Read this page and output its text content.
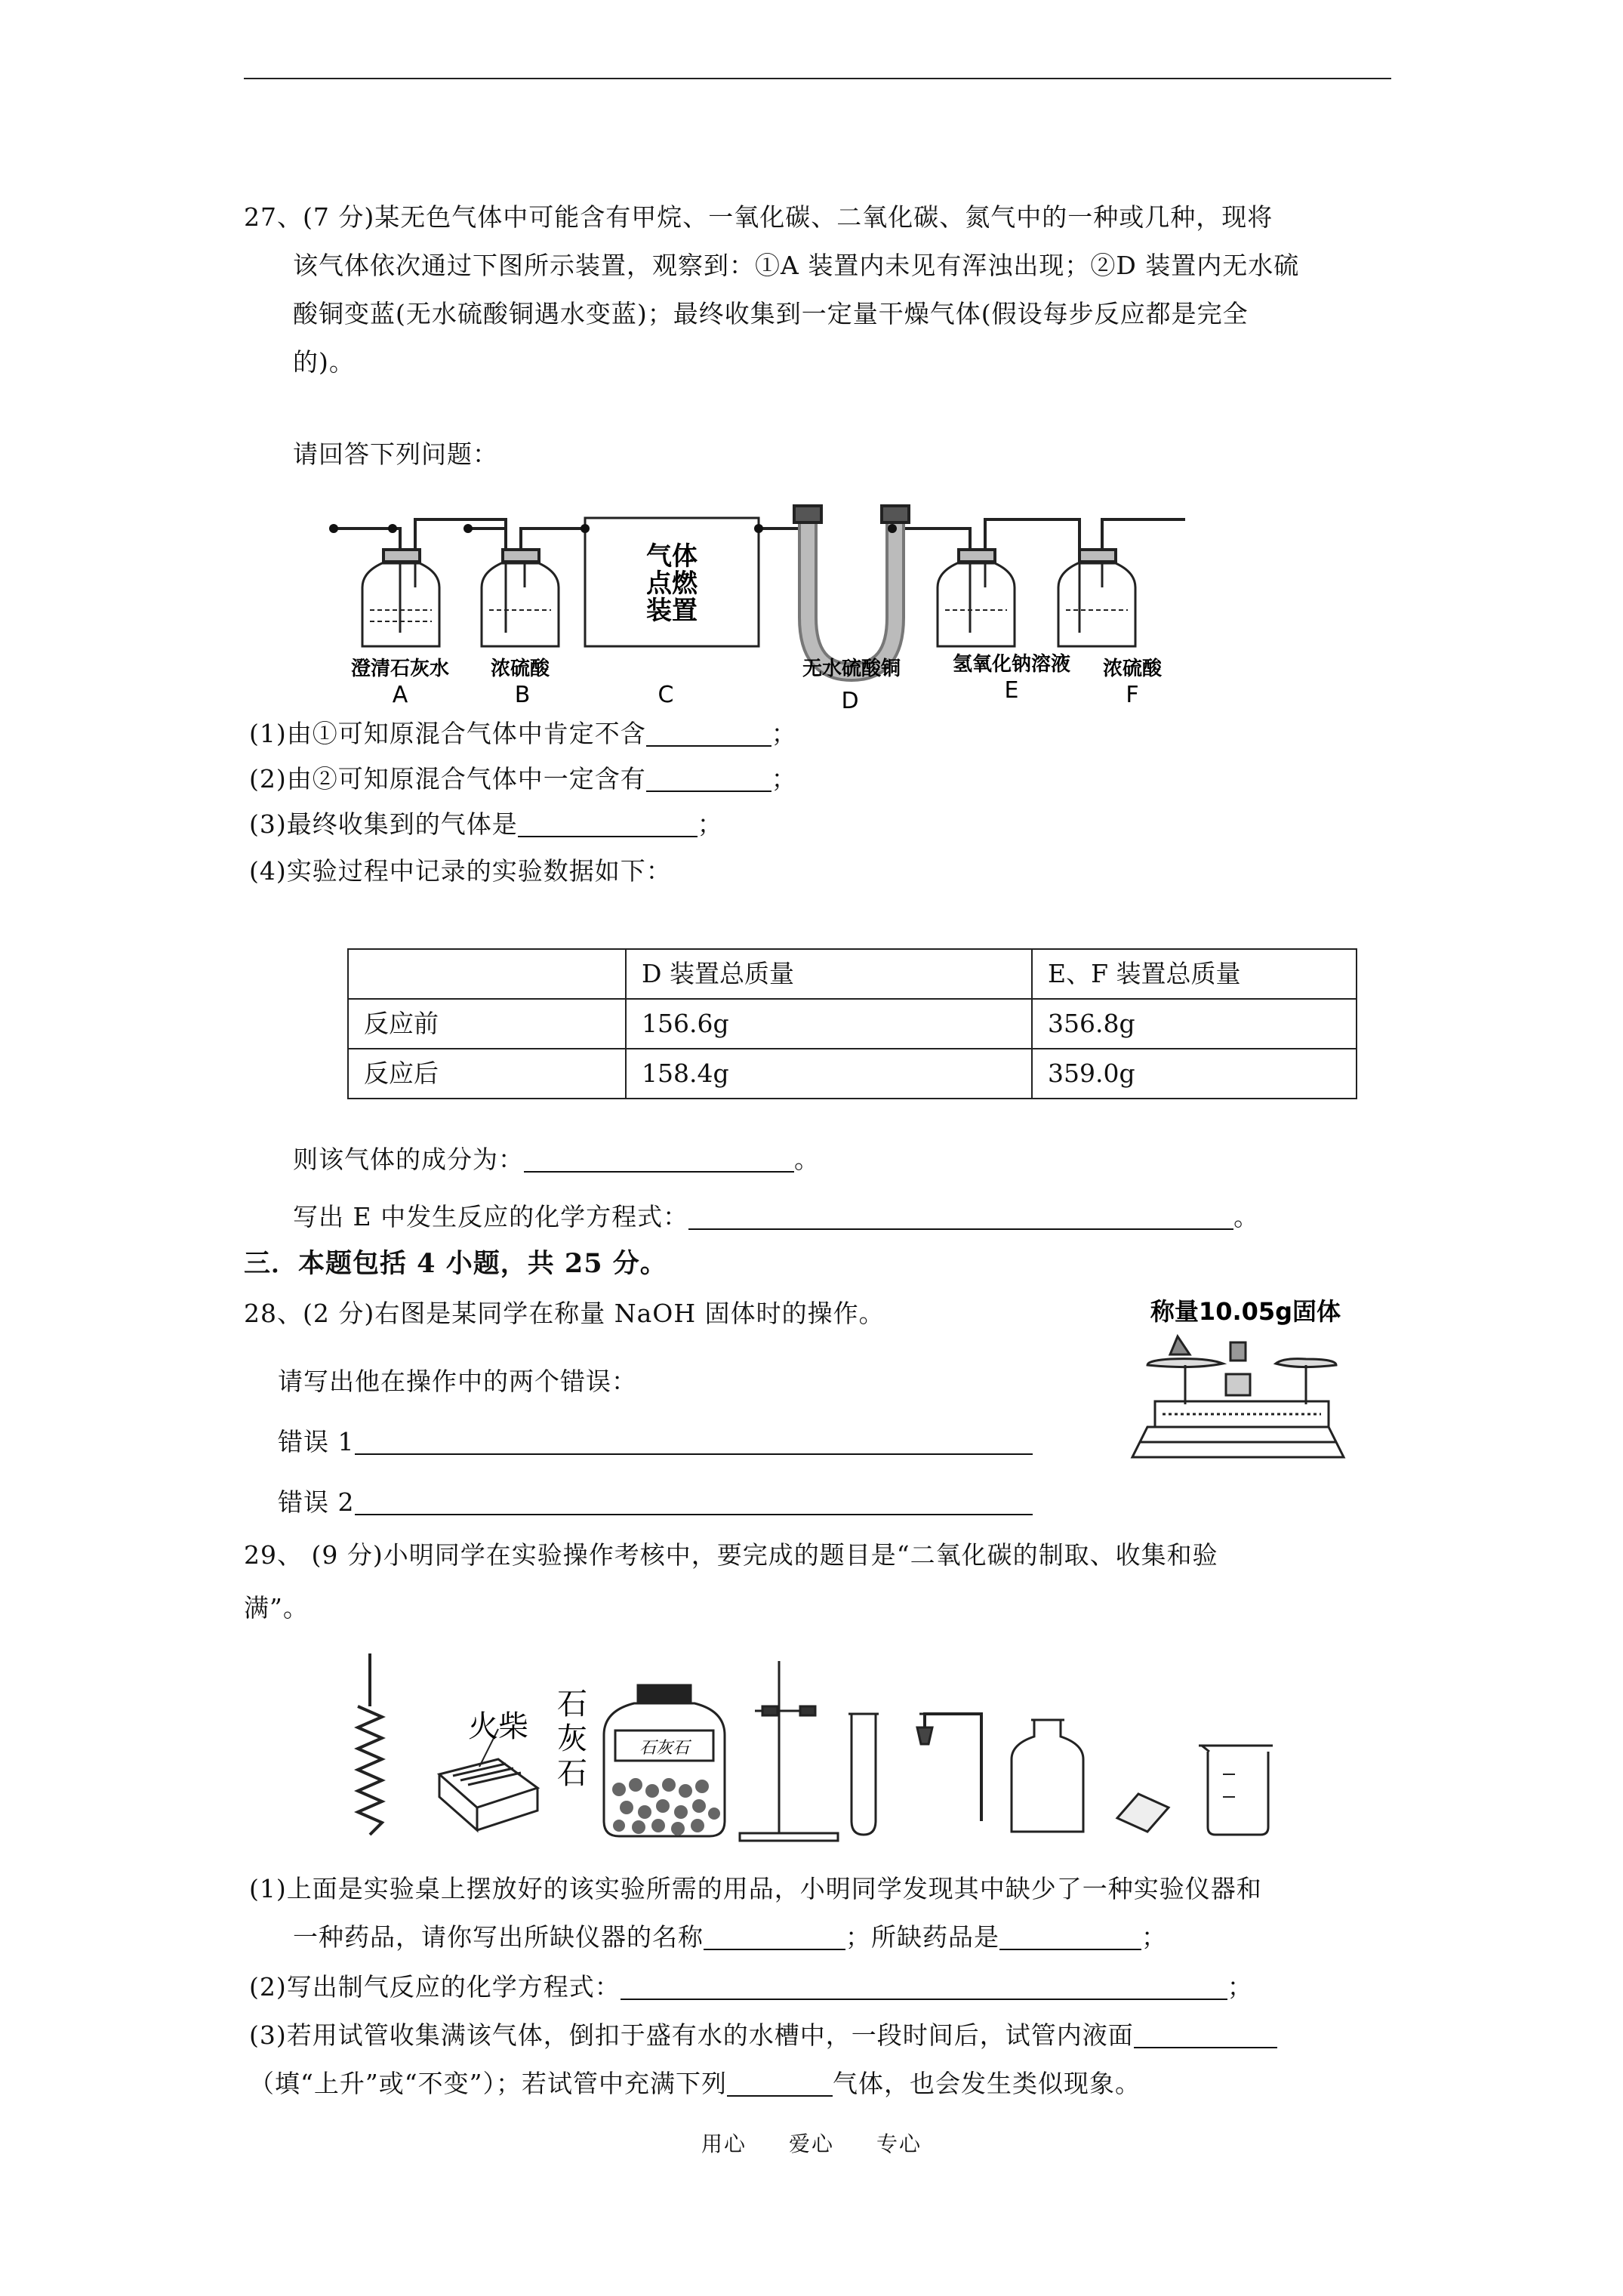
27、(7 分)某无色气体中可能含有甲烷、一氧化碳、二氧化碳、氮气中的一种或几种，现将
该气体依次通过下图所示装置，观察到：①A 装置内未见有浑浊出现；②D 装置内无水硫
酸铜变蓝(无水硫酸铜遇水变蓝)；最终收集到一定量干燥气体(假设每步反应都是完全
的)。
请回答下列问题：
气体
点燃
装置
澄清石灰水 浓硫酸	无水硫酸铜	氢氧化钠溶液 浓硫酸
A	B	C	D	E	F
(1)由①可知原混合气体中肯定不含	；
(2)由②可知原混合气体中一定含有	；
(3)最终收集到的气体是	；
(4)实验过程中记录的实验数据如下：
	D 装置总质量	E、F 装置总质量
反应前	156.6g	356.8g
反应后	158.4g	359.0g
则该气体的成分为：	。
写出 E 中发生反应的化学方程式：	。
三．本题包括 4 小题，共 25 分。
28、(2 分)右图是某同学在称量 NaOH 固体时的操作。
请写出他在操作中的两个错误：
错误 1
错误 2
称量10.05g固体
29、 (9 分)小明同学在实验操作考核中，要完成的题目是“二氧化碳的制取、收集和验
满”。
火柴
石
灰
石
石灰石
(1)上面是实验桌上摆放好的该实验所需的用品，小明同学发现其中缺少了一种实验仪器和
一种药品，请你写出所缺仪器的名称	；所缺药品是	；
(2)写出制气反应的化学方程式：	；
(3)若用试管收集满该气体，倒扣于盛有水的水槽中，一段时间后，试管内液面
（填“上升”或“不变”）；若试管中充满下列	气体，也会发生类似现象。
用心 爱心 专心
